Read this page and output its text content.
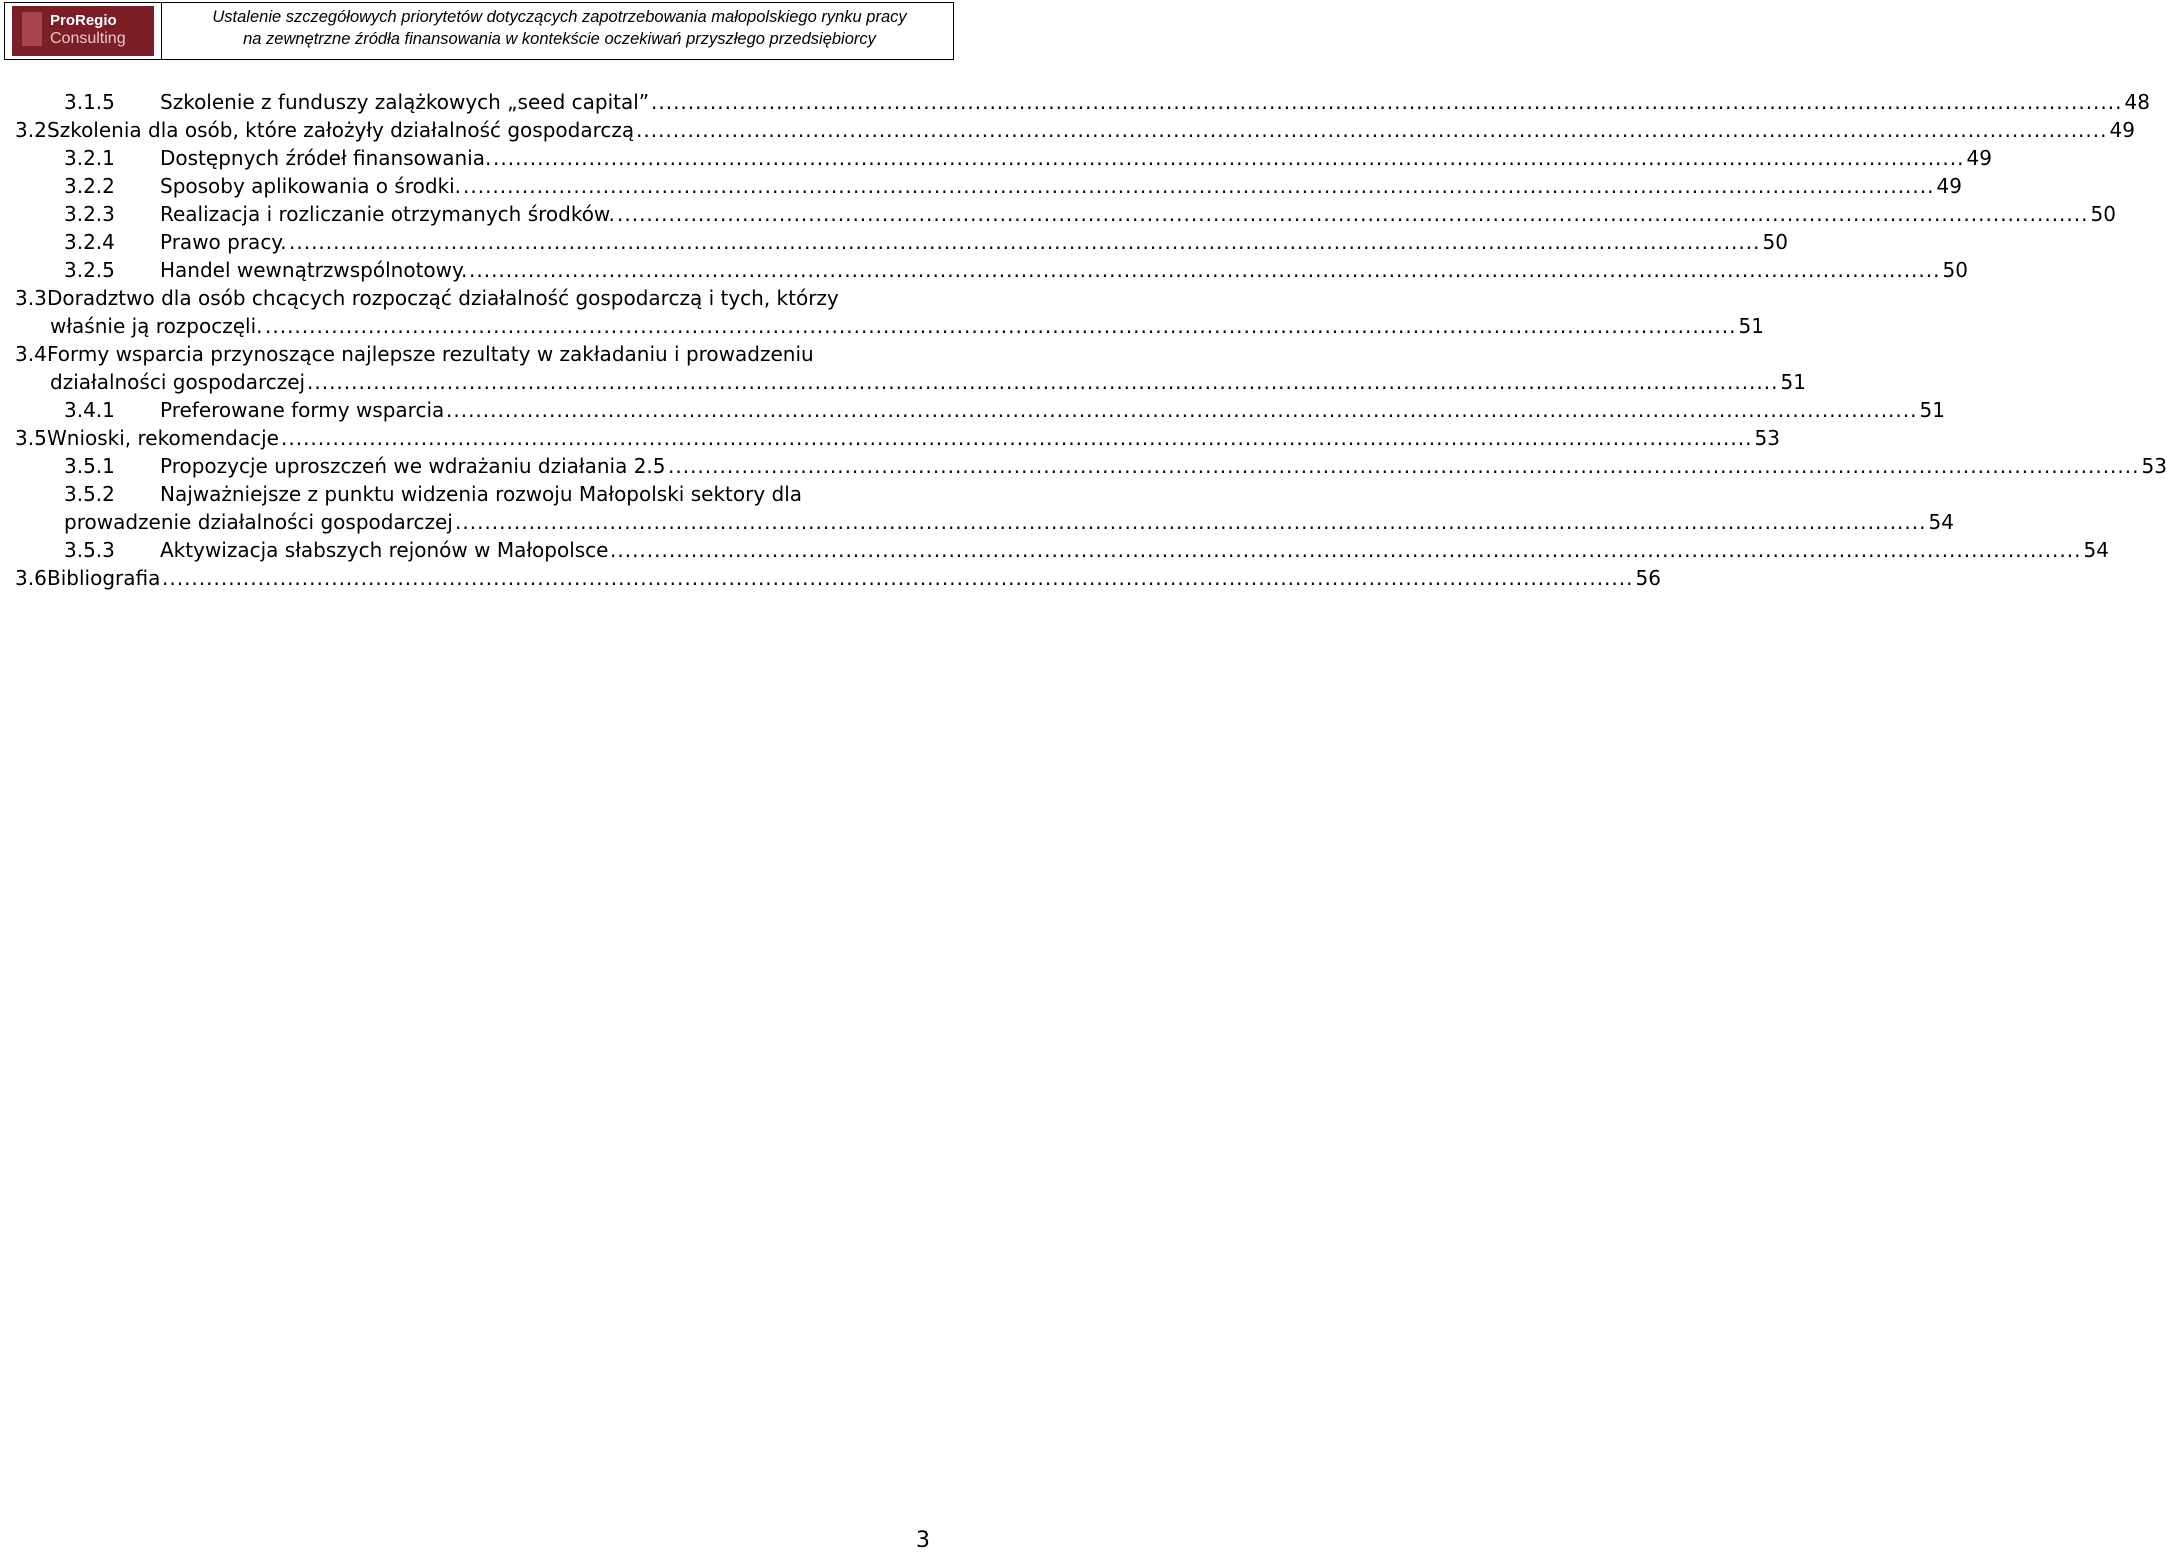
ProRegio
Consulting
Ustalenie szczegółowych priorytetów dotyczących zapotrzebowania małopolskiego rynku pracy
na zewnętrzne źródła finansowania w kontekście oczekiwań przyszłego przedsiębiorcy
3.1.5 Szkolenie z funduszy zalążkowych „seed capital” ........................................................................................................................................................................................................ 48
3.2 Szkolenia dla osób, które założyły działalność gospodarczą ........................................................................................................................................................................................................ 49
3.2.1 Dostępnych źródeł finansowania. ........................................................................................................................................................................................................ 49
3.2.2 Sposoby aplikowania o środki. ........................................................................................................................................................................................................ 49
3.2.3 Realizacja i rozliczanie otrzymanych środków. ........................................................................................................................................................................................................ 50
3.2.4 Prawo pracy. ........................................................................................................................................................................................................ 50
3.2.5 Handel wewnątrzwspólnotowy. ........................................................................................................................................................................................................ 50
3.3 Doradztwo dla osób chcących rozpocząć działalność gospodarczą i tych, którzy
właśnie ją rozpoczęli. ........................................................................................................................................................................................................ 51
3.4 Formy wsparcia przynoszące najlepsze rezultaty w zakładaniu i prowadzeniu
działalności gospodarczej ........................................................................................................................................................................................................ 51
3.4.1 Preferowane formy wsparcia ........................................................................................................................................................................................................ 51
3.5 Wnioski, rekomendacje ........................................................................................................................................................................................................ 53
3.5.1 Propozycje uproszczeń we wdrażaniu działania 2.5 ........................................................................................................................................................................................................ 53
3.5.2 Najważniejsze z punktu widzenia rozwoju Małopolski sektory dla
prowadzenie działalności gospodarczej ........................................................................................................................................................................................................ 54
3.5.3 Aktywizacja słabszych rejonów w Małopolsce ........................................................................................................................................................................................................ 54
3.6 Bibliografia ........................................................................................................................................................................................................ 56
3
